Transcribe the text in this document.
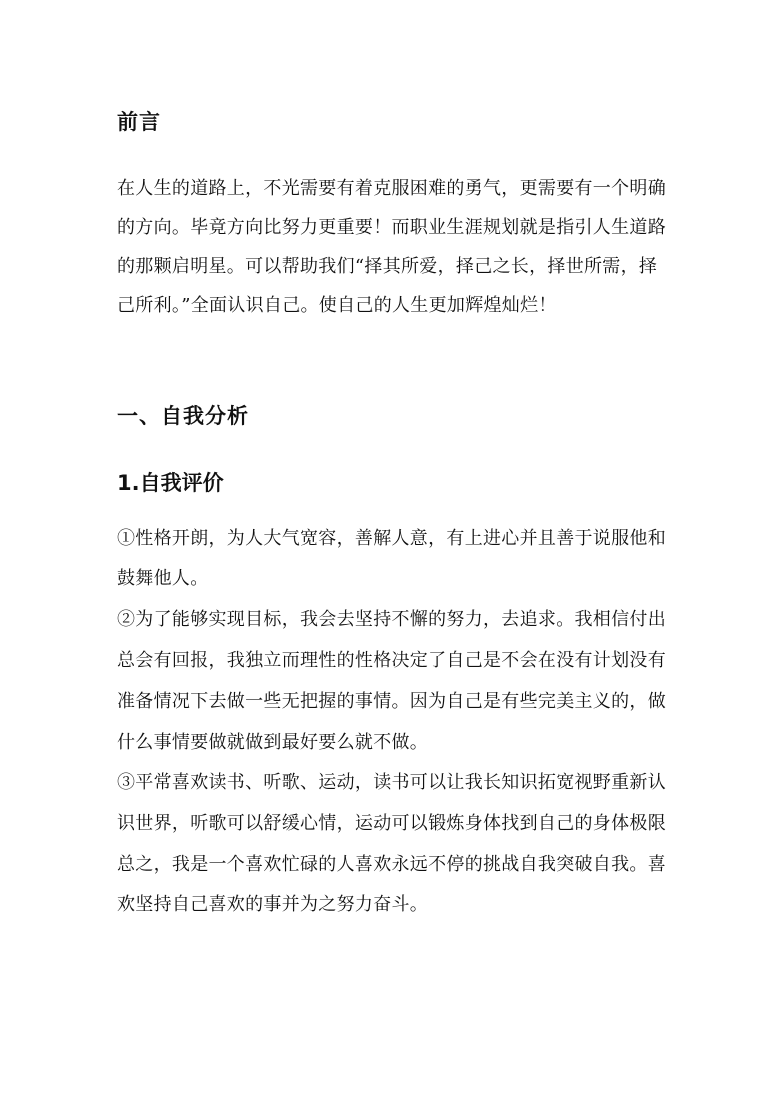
前言
在人生的道路上，不光需要有着克服困难的勇气，更需要有一个明确
的方向。毕竟方向比努力更重要！而职业生涯规划就是指引人生道路
的那颗启明星。可以帮助我们“择其所爱，择己之长，择世所需，择
己所利。”全面认识自己。使自己的人生更加辉煌灿烂！
一、自我分析
1.自我评价
①性格开朗，为人大气宽容，善解人意，有上进心并且善于说服他和
鼓舞他人。
②为了能够实现目标，我会去坚持不懈的努力，去追求。我相信付出
总会有回报，我独立而理性的性格决定了自己是不会在没有计划没有
准备情况下去做一些无把握的事情。因为自己是有些完美主义的，做
什么事情要做就做到最好要么就不做。
③平常喜欢读书、听歌、运动，读书可以让我长知识拓宽视野重新认
识世界，听歌可以舒缓心情，运动可以锻炼身体找到自己的身体极限
总之，我是一个喜欢忙碌的人喜欢永远不停的挑战自我突破自我。喜
欢坚持自己喜欢的事并为之努力奋斗。
